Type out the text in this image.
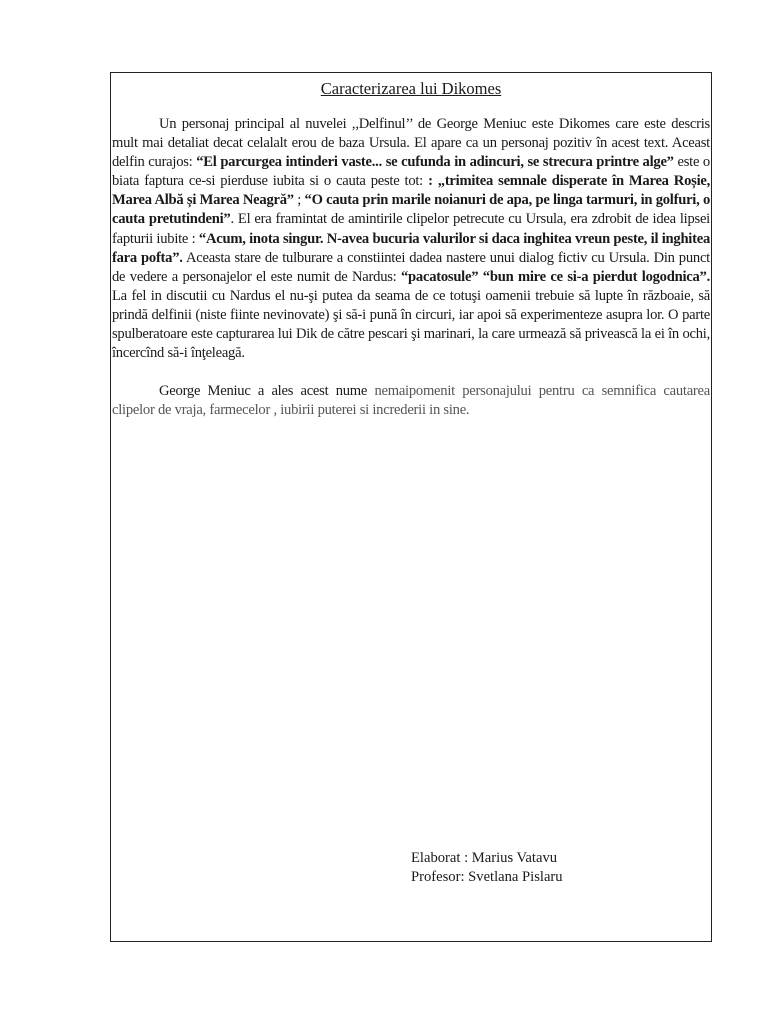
Caracterizarea lui Dikomes

Un personaj principal al nuvelei ,,Delfinul’’ de George Meniuc este Dikomes care este descris mult mai detaliat decat celalalt erou de baza Ursula. El apare ca un personaj pozitiv în acest text. Aceast delfin curajos: “El parcurgea intinderi vaste... se cufunda in adincuri, se strecura printre alge” este o biata faptura ce-si pierduse iubita si o cauta peste tot: : „trimitea semnale disperate în Marea Roșie, Marea Albă și Marea Neagră” ; “O cauta prin marile noianuri de apa, pe linga tarmuri, in golfuri, o cauta pretutindeni”. El era framintat de amintirile clipelor petrecute cu Ursula, era zdrobit de idea lipsei fapturii iubite : “Acum, inota singur. N-avea bucuria valurilor si daca inghitea vreun peste, il inghitea fara pofta”. Aceasta stare de tulburare a constiintei dadea nastere unui dialog fictiv cu Ursula. Din punct de vedere a personajelor el este numit de Nardus: “pacatosule” “bun mire ce si-a pierdut logodnica”. La fel in discutii cu Nardus el nu-şi putea da seama de ce totuşi oamenii trebuie să lupte în războaie, să prindă delfinii (niste fiinte nevinovate) şi să-i pună în circuri, iar apoi să experimenteze asupra lor. O parte spulberatoare este capturarea lui Dik de către pescari şi marinari, la care urmează să privească la ei în ochi, încercînd să-i înţeleagă.

George Meniuc a ales acest nume nemaipomenit personajului pentru ca semnifica cautarea clipelor de vraja, farmecelor , iubirii puterei si increderii in sine.

Elaborat : Marius Vatavu
Profesor: Svetlana Pislaru
